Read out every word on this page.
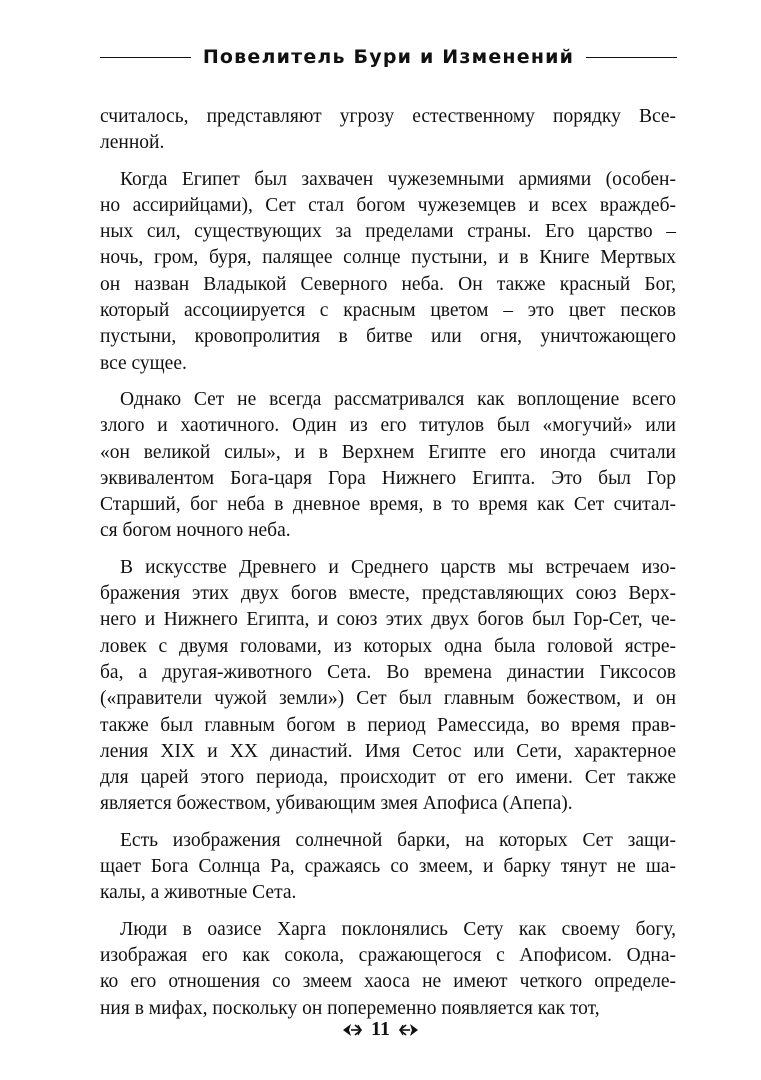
Повелитель Бури и Изменений
считалось, представляют угрозу естественному порядку Все-
ленной.
Когда Египет был захвачен чужеземными армиями (особен-
но ассирийцами), Сет стал богом чужеземцев и всех враждеб-
ных сил, существующих за пределами страны. Его царство –
ночь, гром, буря, палящее солнце пустыни, и в Книге Мертвых
он назван Владыкой Северного неба. Он также красный Бог,
который ассоциируется с красным цветом – это цвет песков
пустыни, кровопролития в битве или огня, уничтожающего
все сущее.
Однако Сет не всегда рассматривался как воплощение всего
злого и хаотичного. Один из его титулов был «могучий» или
«он великой силы», и в Верхнем Египте его иногда считали
эквивалентом Бога-царя Гора Нижнего Египта. Это был Гор
Старший, бог неба в дневное время, в то время как Сет считал-
ся богом ночного неба.
В искусстве Древнего и Среднего царств мы встречаем изо-
бражения этих двух богов вместе, представляющих союз Верх-
него и Нижнего Египта, и союз этих двух богов был Гор-Сет, че-
ловек с двумя головами, из которых одна была головой ястре-
ба, а другая-животного Сета. Во времена династии Гиксосов
(«правители чужой земли») Сет был главным божеством, и он
также был главным богом в период Рамессида, во время прав-
ления XIX и XX династий. Имя Сетос или Сети, характерное
для царей этого периода, происходит от его имени. Сет также
является божеством, убивающим змея Апофиса (Апепа).
Есть изображения солнечной барки, на которых Сет защи-
щает Бога Солнца Ра, сражаясь со змеем, и барку тянут не ша-
калы, а животные Сета.
Люди в оазисе Харга поклонялись Сету как своему богу,
изображая его как сокола, сражающегося с Апофисом. Одна-
ко его отношения со змеем хаоса не имеют четкого определе-
ния в мифах, поскольку он попеременно появляется как тот,
11
